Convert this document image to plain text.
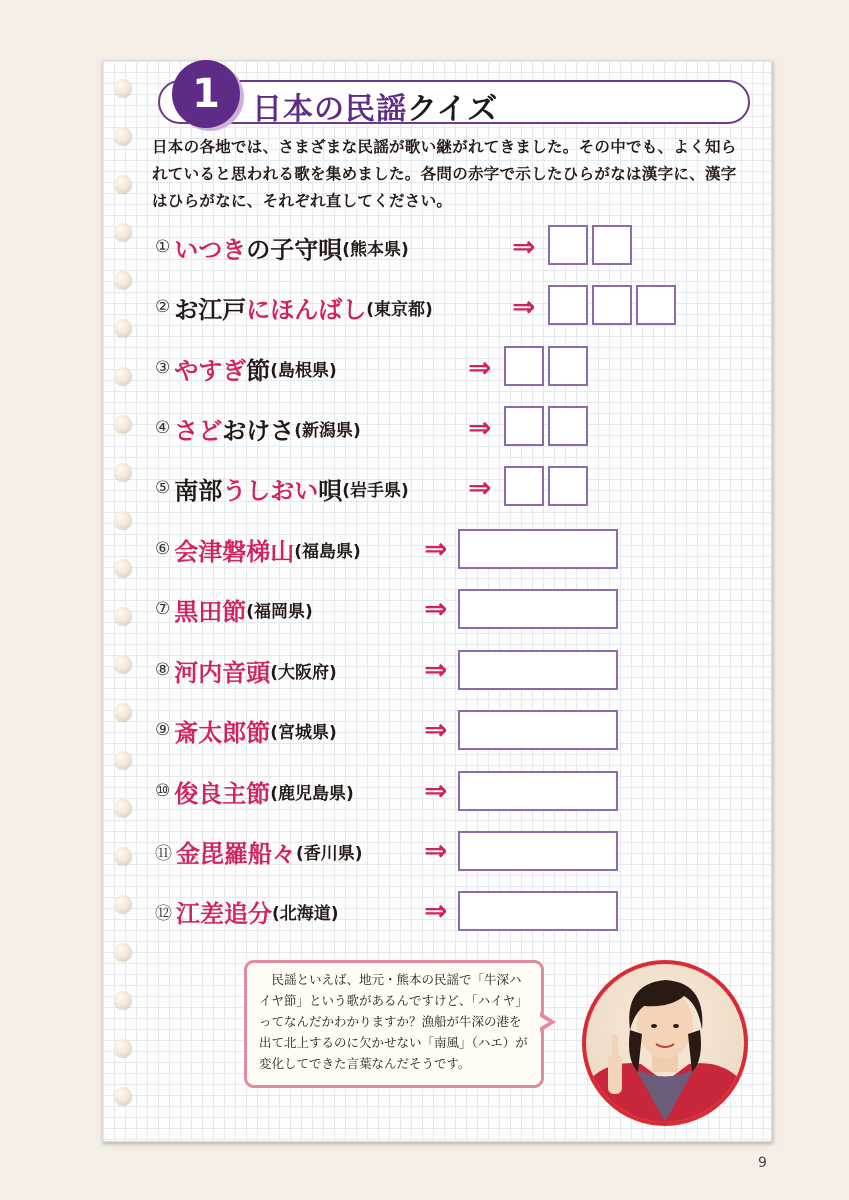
1 日本の民謡クイズ
日本の各地では、さまざまな民謡が歌い継がれてきました。その中でも、よく知られていると思われる歌を集めました。各問の赤字で示したひらがなは漢字に、漢字はひらがなに、それぞれ直してください。
① いつき の子守唄 (熊本県)	⇒
② お江戸 にほんばし (東京都)	⇒
③ やすぎ 節 (島根県)	⇒
④ さど おけさ (新潟県)	⇒
⑤ 南部 うしおい 唄 (岩手県) ⇒
⑥ 会津磐梯山 (福島県) ⇒
⑦ 黒田節 (福岡県)	⇒
⑧ 河内音頭 (大阪府)	⇒
⑨ 斎太郎節 (宮城県)	⇒
⑩ 俊良主節 (鹿児島県)	⇒
⑪ 金毘羅船々 (香川県) ⇒
⑫ 江差追分 (北海道)	⇒
　民謡といえば、地元・熊本の民謡で「牛深ハイヤ節」という歌があるんですけど、「ハイヤ」ってなんだかわかりますか？漁船が牛深の港を出て北上するのに欠かせない「南風」（ハエ）が変化してできた言葉なんだそうです。
9
